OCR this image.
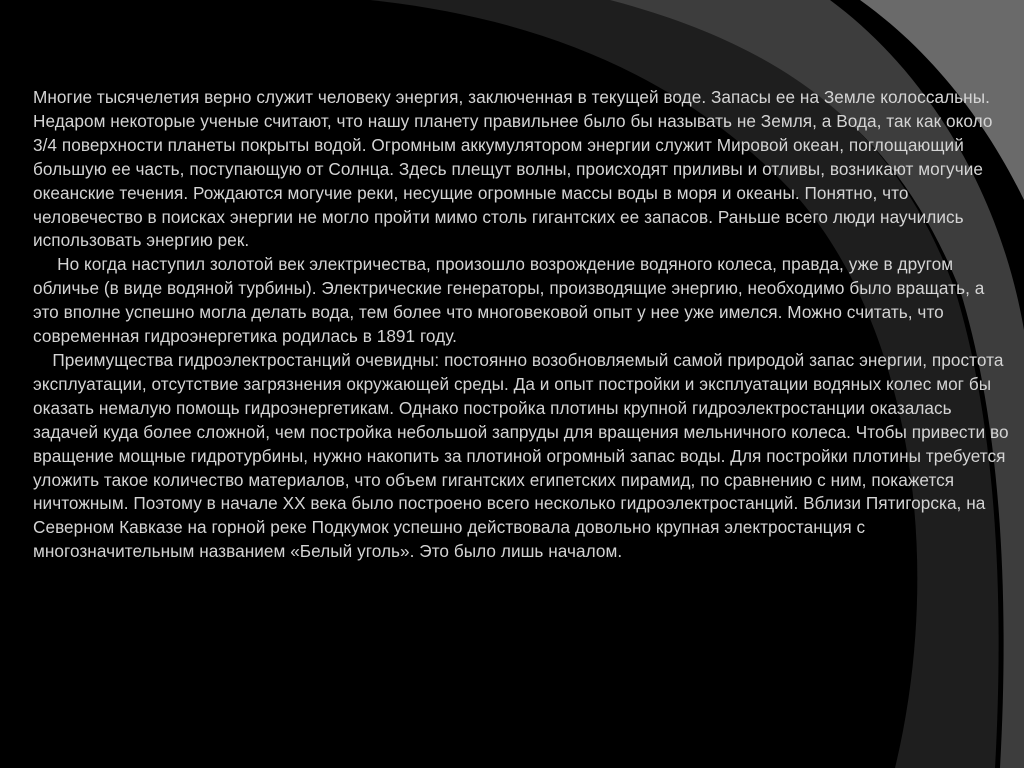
Многие тысячелетия верно служит человеку энергия, заключенная в текущей воде. Запасы ее на Земле колоссальны. Недаром некоторые ученые считают, что нашу планету правильнее было бы называть не Земля, а Вода, так как около 3/4 поверхности планеты покрыты водой. Огромным аккумулятором энергии служит Мировой океан, поглощающий большую ее часть, поступающую от Солнца. Здесь плещут волны, происходят приливы и отливы, возникают могучие океанские течения. Рождаются могучие реки, несущие огромные массы воды в моря и океаны. Понятно, что человечество в поисках энергии не могло пройти мимо столь гигантских ее запасов. Раньше всего люди научились использовать энергию рек.

Но когда наступил золотой век электричества, произошло возрождение водяного колеса, правда, уже в другом обличье (в виде водяной турбины). Электрические генераторы, производящие энергию, необходимо было вращать, а это вполне успешно могла делать вода, тем более что многовековой опыт у нее уже имелся. Можно считать, что современная гидроэнергетика родилась в 1891 году.

Преимущества гидроэлектростанций очевидны: постоянно возобновляемый самой природой запас энергии, простота эксплуатации, отсутствие загрязнения окружающей среды. Да и опыт постройки и эксплуатации водяных колес мог бы оказать немалую помощь гидроэнергетикам. Однако постройка плотины крупной гидроэлектростанции оказалась задачей куда более сложной, чем постройка небольшой запруды для вращения мельничного колеса. Чтобы привести во вращение мощные гидротурбины, нужно накопить за плотиной огромный запас воды. Для постройки плотины требуется уложить такое количество материалов, что объем гигантских египетских пирамид, по сравнению с ним, покажется ничтожным. Поэтому в начале XX века было построено всего несколько гидроэлектростанций. Вблизи Пятигорска, на Северном Кавказе на горной реке Подкумок успешно действовала довольно крупная электростанция с многозначительным названием «Белый уголь». Это было лишь началом.
